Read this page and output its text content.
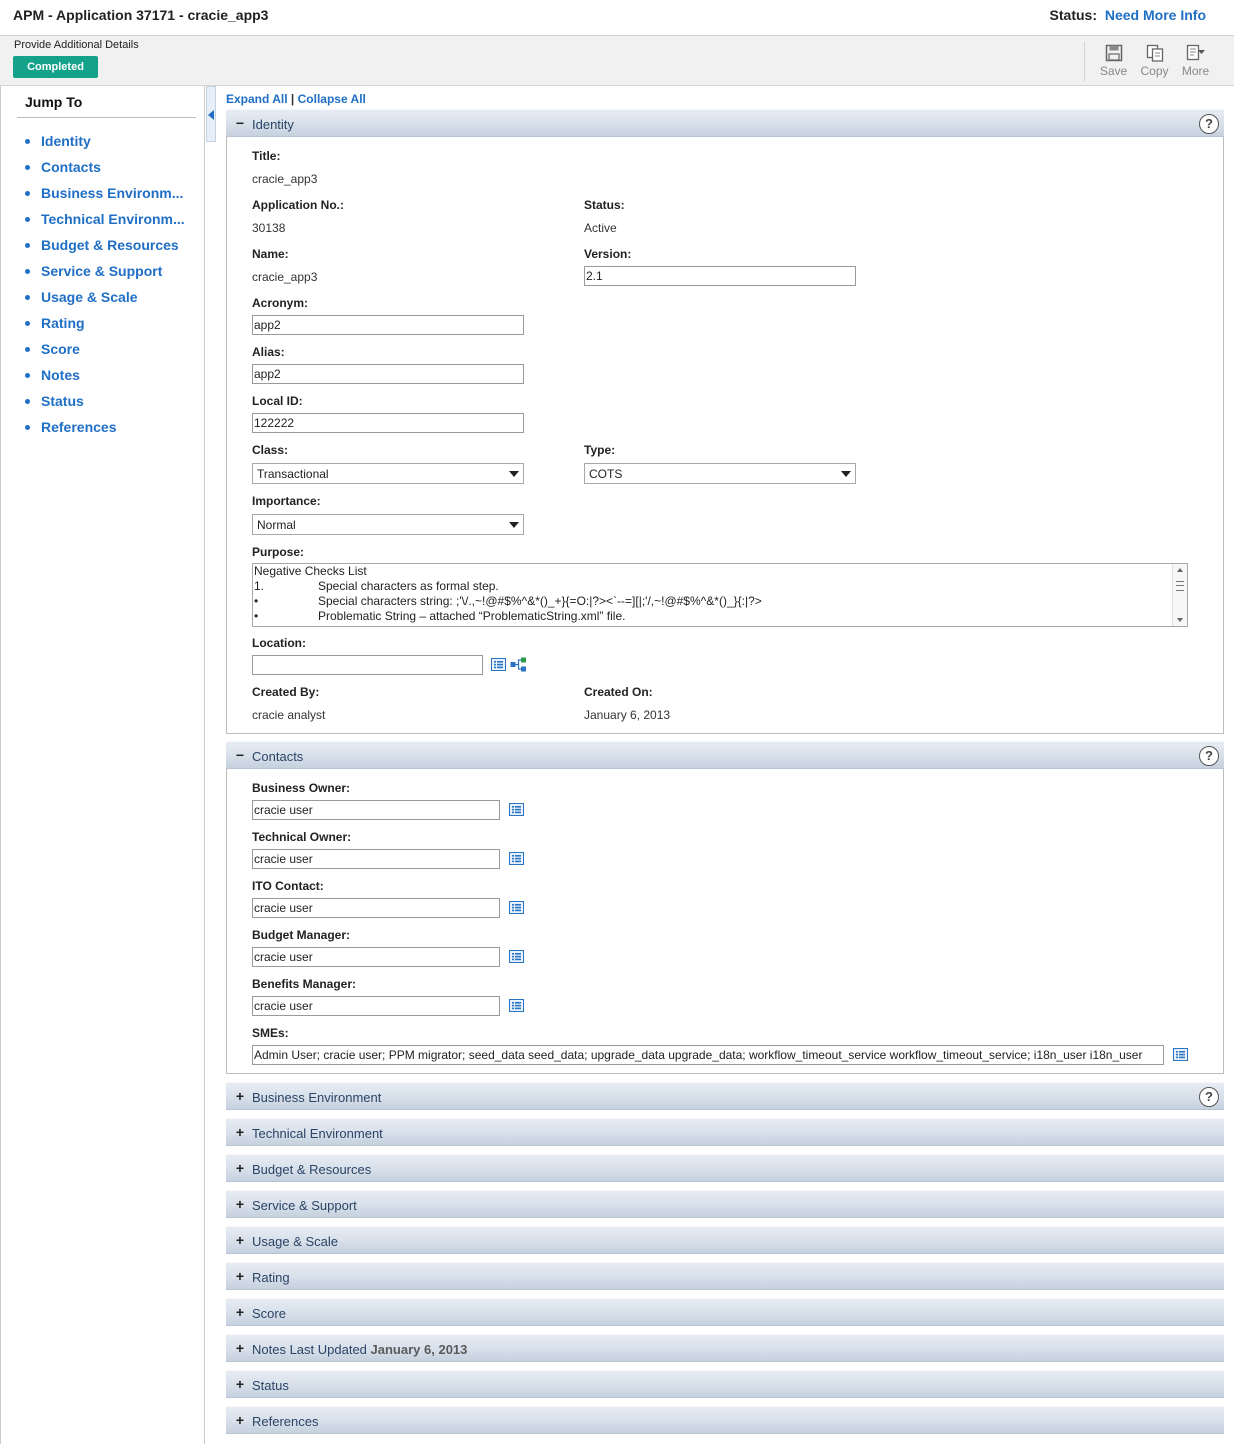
APM - Application 37171 - cracie_app3	Status: Need More Info
Provide Additional Details
Completed	Save	Copy	More
Jump To
Identity
Contacts
Business Environm...
Technical Environm...
Budget & Resources
Service & Support
Usage & Scale
Rating
Score
Notes
Status
References
Expand All | Collapse All
− Identity	?
Title:
cracie_app3
Application No.:
30138
Status:
Active
Name:
cracie_app3
Version:
2.1
Acronym:
app2
Alias:
app2
Local ID:
122222
Class:
Transactional
Type:
COTS
Importance:
Normal
Purpose:
Negative Checks List
1.	Special characters as formal step.
•	Special characters string: ;'\/.,~!@#$%^&*()_+}{=O:|?><`--=][|;'/,~!@#$%^&*()_}{:|?>
•	Problematic String – attached “ProblematicString.xml” file.
Location:
Created By:
cracie analyst
Created On:
January 6, 2013
− Contacts	?
Business Owner:
cracie user
Technical Owner:
cracie user
ITO Contact:
cracie user
Budget Manager:
cracie user
Benefits Manager:
cracie user
SMEs:
Admin User; cracie user; PPM migrator; seed_data seed_data; upgrade_data upgrade_data; workflow_timeout_service workflow_timeout_service; i18n_user i18n_user
+ Business Environment	?
+ Technical Environment
+ Budget & Resources
+ Service & Support
+ Usage & Scale
+ Rating
+ Score
+ Notes Last Updated January 6, 2013
+ Status
+ References
